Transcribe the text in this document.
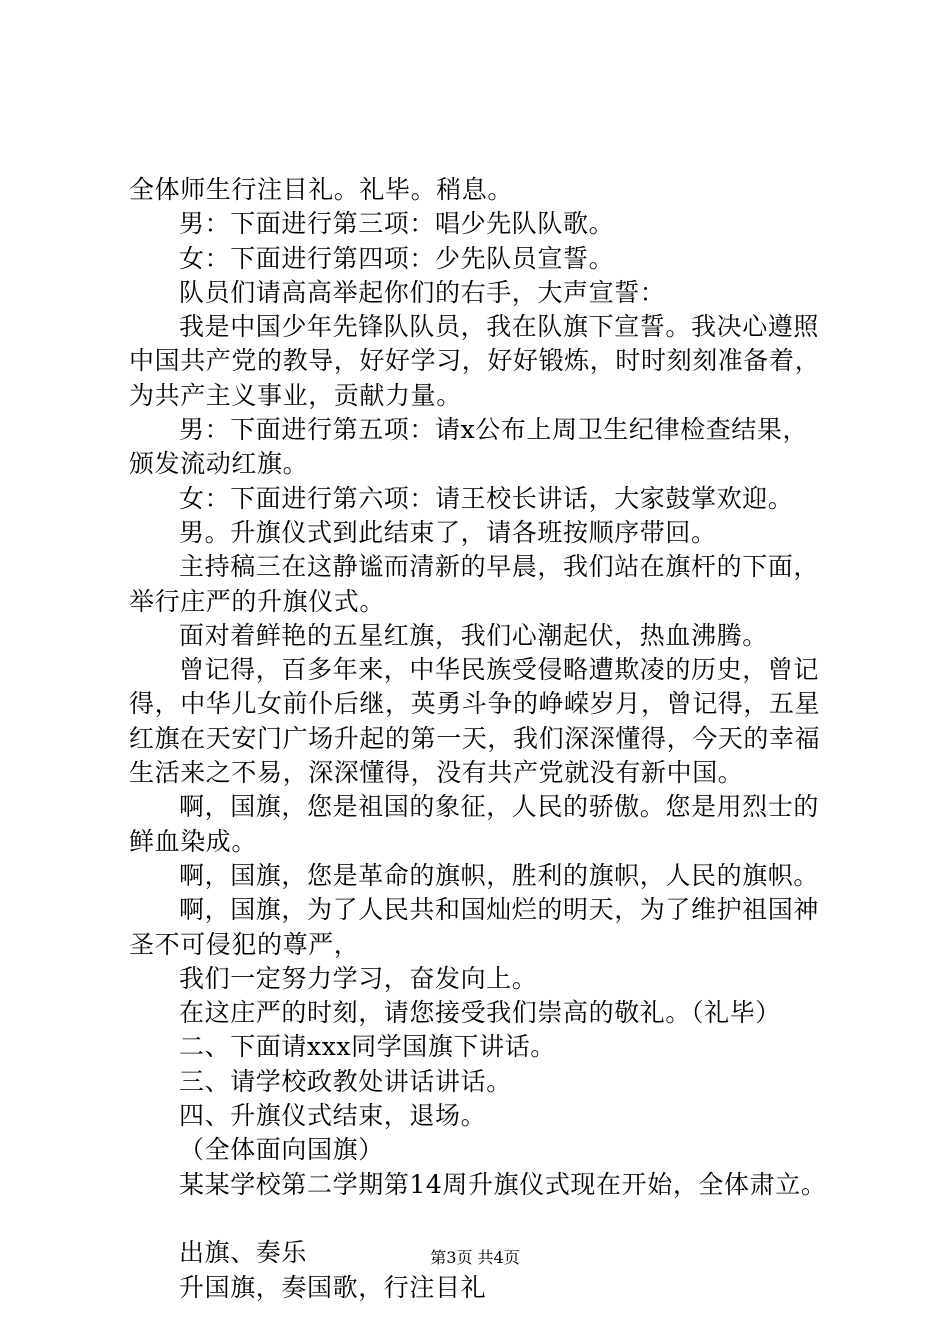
全体师生行注目礼。礼毕。稍息。

男：下面进行第三项：唱少先队队歌。

女：下面进行第四项：少先队员宣誓。

队员们请高高举起你们的右手，大声宣誓：

我是中国少年先锋队队员，我在队旗下宣誓。我决心遵照中国共产党的教导，好好学习，好好锻炼，时时刻刻准备着，为共产主义事业，贡献力量。

男：下面进行第五项：请x公布上周卫生纪律检查结果，颁发流动红旗。

女：下面进行第六项：请王校长讲话，大家鼓掌欢迎。

男。升旗仪式到此结束了，请各班按顺序带回。

主持稿三在这静谧而清新的早晨，我们站在旗杆的下面，举行庄严的升旗仪式。

面对着鲜艳的五星红旗，我们心潮起伏，热血沸腾。

曾记得，百多年来，中华民族受侵略遭欺凌的历史，曾记得，中华儿女前仆后继，英勇斗争的峥嵘岁月，曾记得，五星红旗在天安门广场升起的第一天，我们深深懂得，今天的幸福生活来之不易，深深懂得，没有共产党就没有新中国。

啊，国旗，您是祖国的象征，人民的骄傲。您是用烈士的鲜血染成。

啊，国旗，您是革命的旗帜，胜利的旗帜，人民的旗帜。

啊，国旗，为了人民共和国灿烂的明天，为了维护祖国神圣不可侵犯的尊严，

我们一定努力学习，奋发向上。

在这庄严的时刻，请您接受我们崇高的敬礼。（礼毕）

二、下面请xxx同学国旗下讲话。

三、请学校政教处讲话讲话。

四、升旗仪式结束，退场。

（全体面向国旗）

某某学校第二学期第14周升旗仪式现在开始，全体肃立。

出旗、奏乐

升国旗，奏国歌，行注目礼

第3页 共4页
